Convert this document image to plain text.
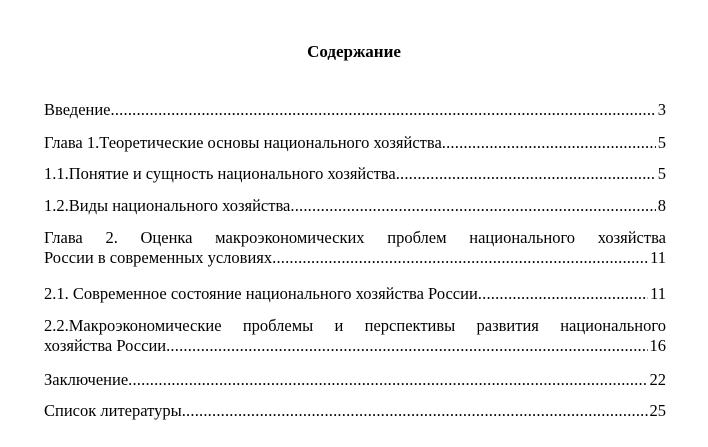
Содержание
Введение .....	3
Глава 1.Теоретические основы национального хозяйства .....	5
1.1.Понятие и сущность национального хозяйства .....	5
1.2.Виды национального хозяйства .....	8
Глава 2. Оценка макроэкономических проблем национального хозяйства
России в современных условиях .....	11
2.1. Современное состояние национального хозяйства России .....	11
2.2.Макроэкономические проблемы и перспективы развития национального
хозяйства России .....	16
Заключение .....	22
Список литературы .....	25
